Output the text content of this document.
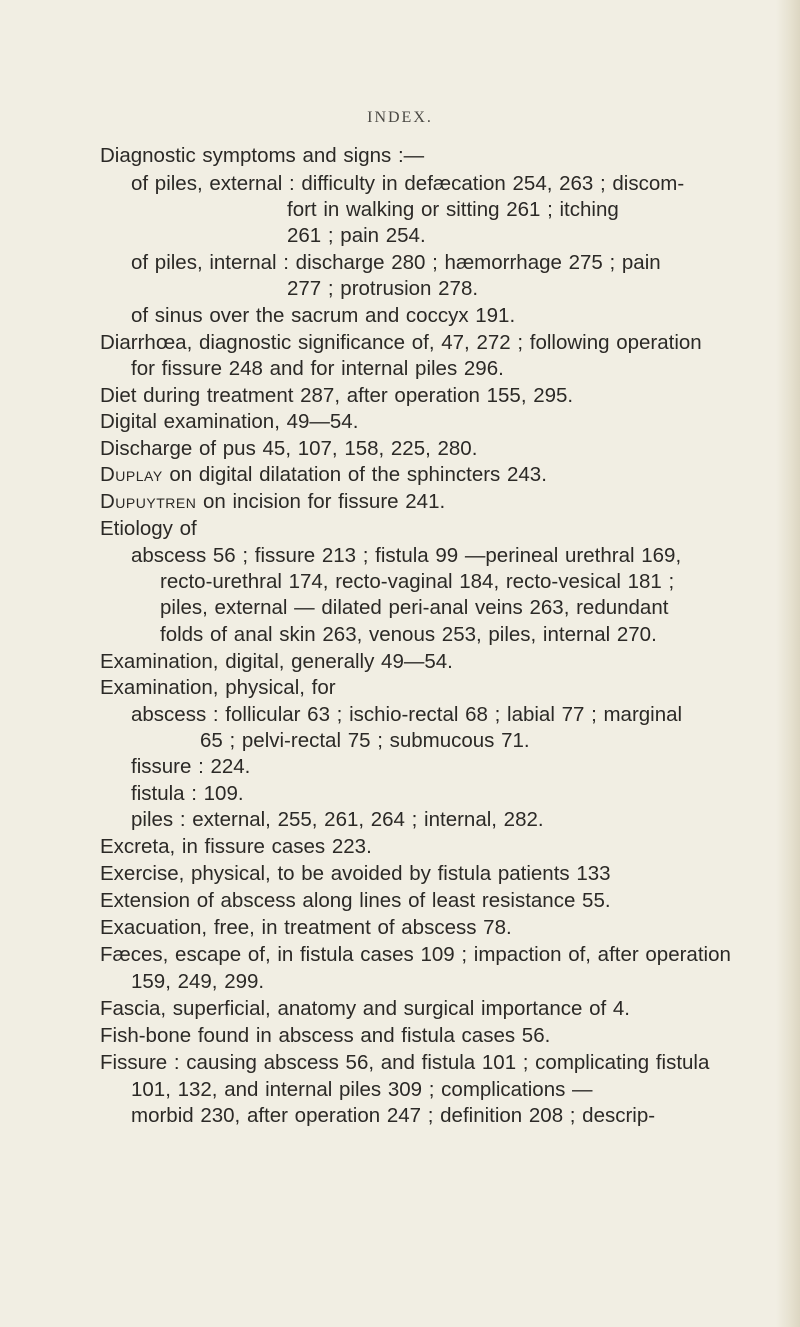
INDEX.
Diagnostic symptoms and signs :—
of piles, external : difficulty in defæcation 254, 263 ; discom-
fort in walking or sitting 261 ; itching
261 ; pain 254.
of piles, internal : discharge 280 ; hæmorrhage 275 ; pain
277 ; protrusion 278.
of sinus over the sacrum and coccyx 191.
Diarrhœa, diagnostic significance of, 47, 272 ; following operation
for fissure 248 and for internal piles 296.
Diet during treatment 287, after operation 155, 295.
Digital examination, 49—54.
Discharge of pus 45, 107, 158, 225, 280.
Duplay on digital dilatation of the sphincters 243.
Dupuytren on incision for fissure 241.
Etiology of
abscess 56 ; fissure 213 ; fistula 99 —perineal urethral 169,
recto-urethral 174, recto-vaginal 184, recto-vesical 181 ;
piles, external — dilated peri-anal veins 263, redundant
folds of anal skin 263, venous 253, piles, internal 270.
Examination, digital, generally 49—54.
Examination, physical, for
abscess : follicular 63 ; ischio-rectal 68 ; labial 77 ; marginal
65 ; pelvi-rectal 75 ; submucous 71.
fissure : 224.
fistula : 109.
piles : external, 255, 261, 264 ; internal, 282.
Excreta, in fissure cases 223.
Exercise, physical, to be avoided by fistula patients 133
Extension of abscess along lines of least resistance 55.
Exacuation, free, in treatment of abscess 78.
Fæces, escape of, in fistula cases 109 ; impaction of, after operation
159, 249, 299.
Fascia, superficial, anatomy and surgical importance of 4.
Fish-bone found in abscess and fistula cases 56.
Fissure : causing abscess 56, and fistula 101 ; complicating fistula
101, 132, and internal piles 309 ; complications —
morbid 230, after operation 247 ; definition 208 ; descrip-
